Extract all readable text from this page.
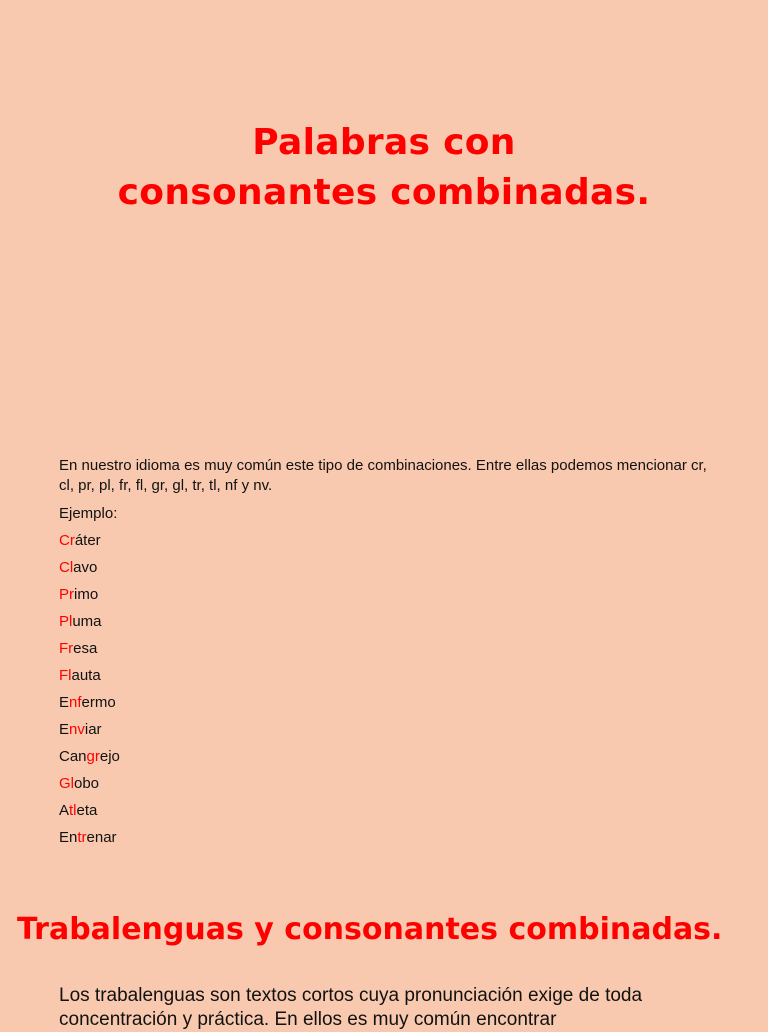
Palabras con
consonantes combinadas.
En nuestro idioma es muy común este tipo de combinaciones. Entre ellas podemos mencionar cr, cl, pr, pl, fr, fl, gr, gl, tr, tl, nf y nv.
Ejemplo:
Cráter
Clavo
Primo
Pluma
Fresa
Flauta
Enfermo
Enviar
Cangrejo
Globo
Atleta
Entrenar
Trabalenguas y consonantes combinadas.
Los trabalenguas son textos cortos cuya pronunciación exige de toda concentración y práctica. En ellos es muy común encontrar
